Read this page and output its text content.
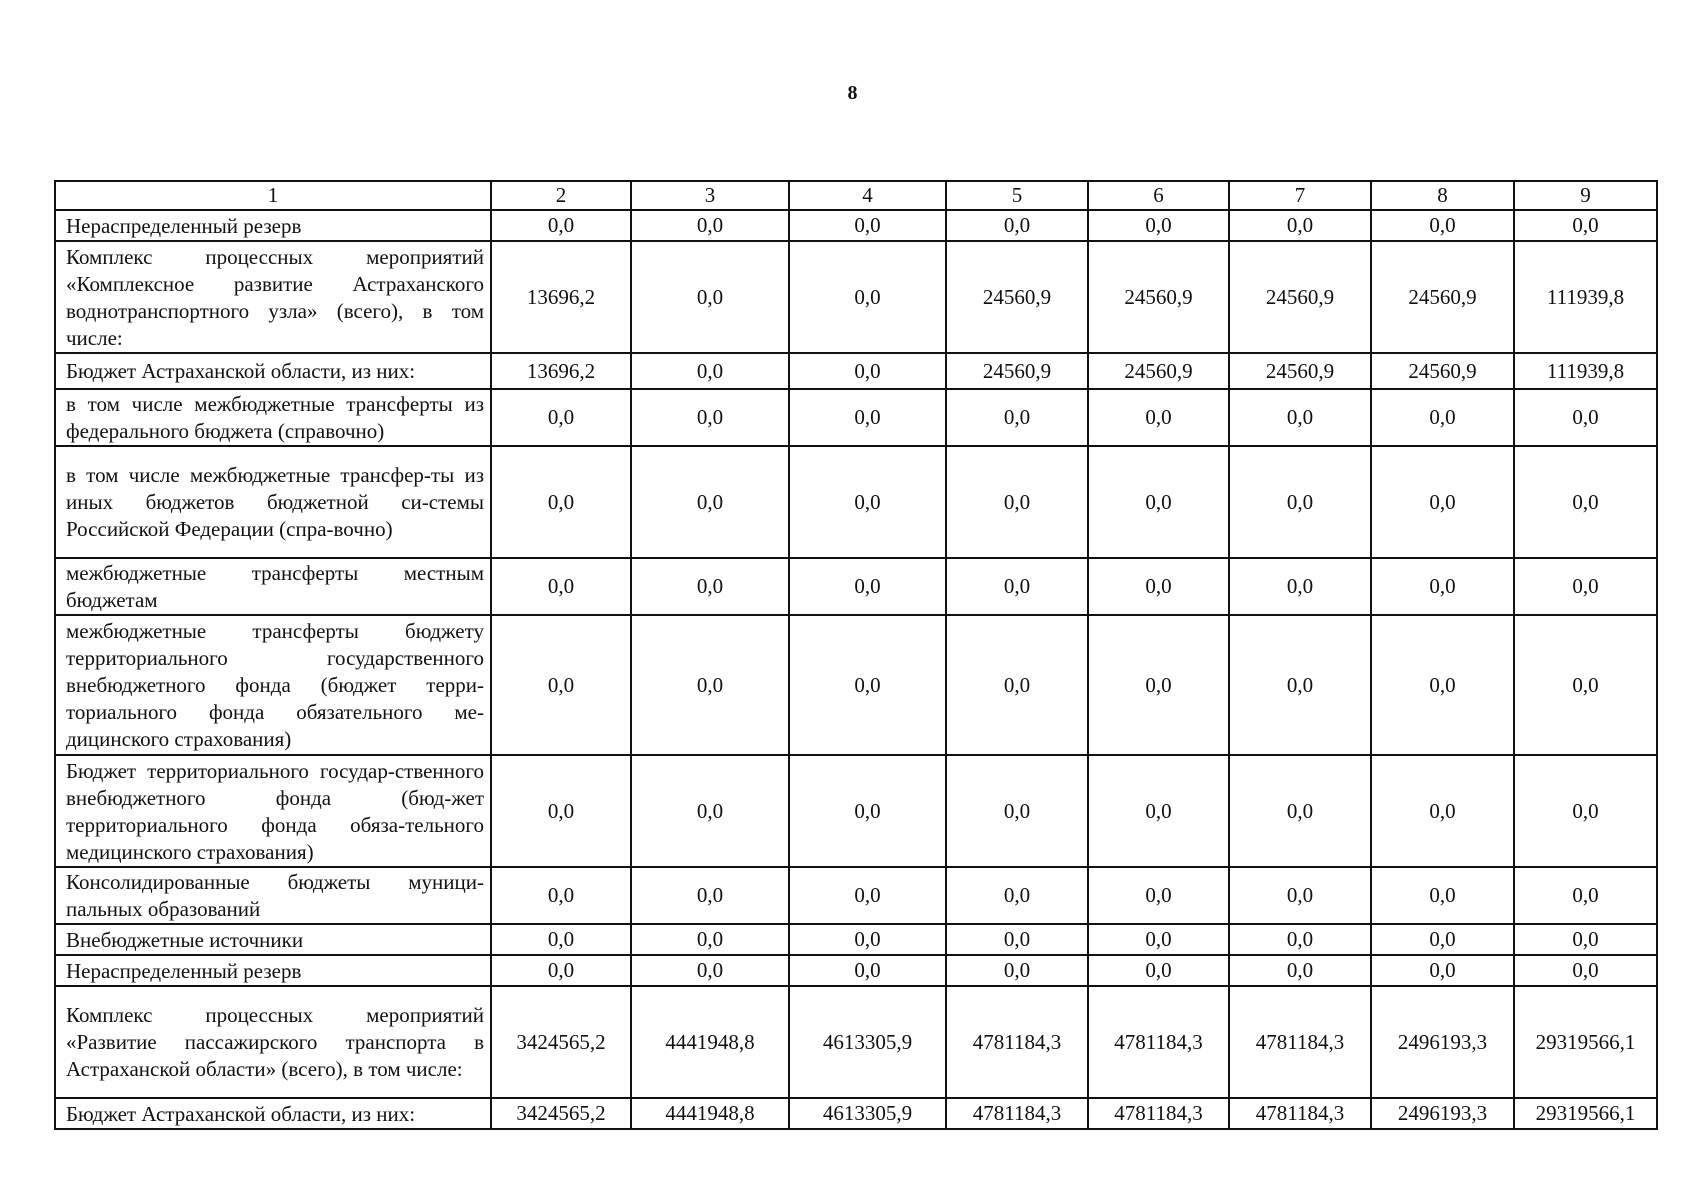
8
1	2	3	4	5	6	7	8	9
Нераспределенный резерв	0,0	0,0	0,0	0,0	0,0	0,0	0,0	0,0
Комплекс процессных мероприятий «Комплексное развитие Астраханского воднотранспортного узла» (всего), в том числе:	13696,2	0,0	0,0	24560,9	24560,9	24560,9	24560,9	111939,8
Бюджет Астраханской области, из них:	13696,2	0,0	0,0	24560,9	24560,9	24560,9	24560,9	111939,8
в том числе межбюджетные трансферты из федерального бюджета (справочно)	0,0	0,0	0,0	0,0	0,0	0,0	0,0	0,0
в том числе межбюджетные трансфер-ты из иных бюджетов бюджетной си-стемы Российской Федерации (спра-вочно)	0,0	0,0	0,0	0,0	0,0	0,0	0,0	0,0
межбюджетные трансферты местным бюджетам	0,0	0,0	0,0	0,0	0,0	0,0	0,0	0,0
межбюджетные трансферты бюджету территориального государственного внебюджетного фонда (бюджет терри-ториального фонда обязательного ме-дицинского страхования)	0,0	0,0	0,0	0,0	0,0	0,0	0,0	0,0
Бюджет территориального государ-ственного внебюджетного фонда (бюд-жет территориального фонда обяза-тельного медицинского страхования)	0,0	0,0	0,0	0,0	0,0	0,0	0,0	0,0
Консолидированные бюджеты муници-пальных образований	0,0	0,0	0,0	0,0	0,0	0,0	0,0	0,0
Внебюджетные источники	0,0	0,0	0,0	0,0	0,0	0,0	0,0	0,0
Нераспределенный резерв	0,0	0,0	0,0	0,0	0,0	0,0	0,0	0,0
Комплекс процессных мероприятий «Развитие пассажирского транспорта в Астраханской области» (всего), в том числе:	3424565,2	4441948,8	4613305,9	4781184,3	4781184,3	4781184,3	2496193,3	29319566,1
Бюджет Астраханской области, из них:	3424565,2	4441948,8	4613305,9	4781184,3	4781184,3	4781184,3	2496193,3	29319566,1
